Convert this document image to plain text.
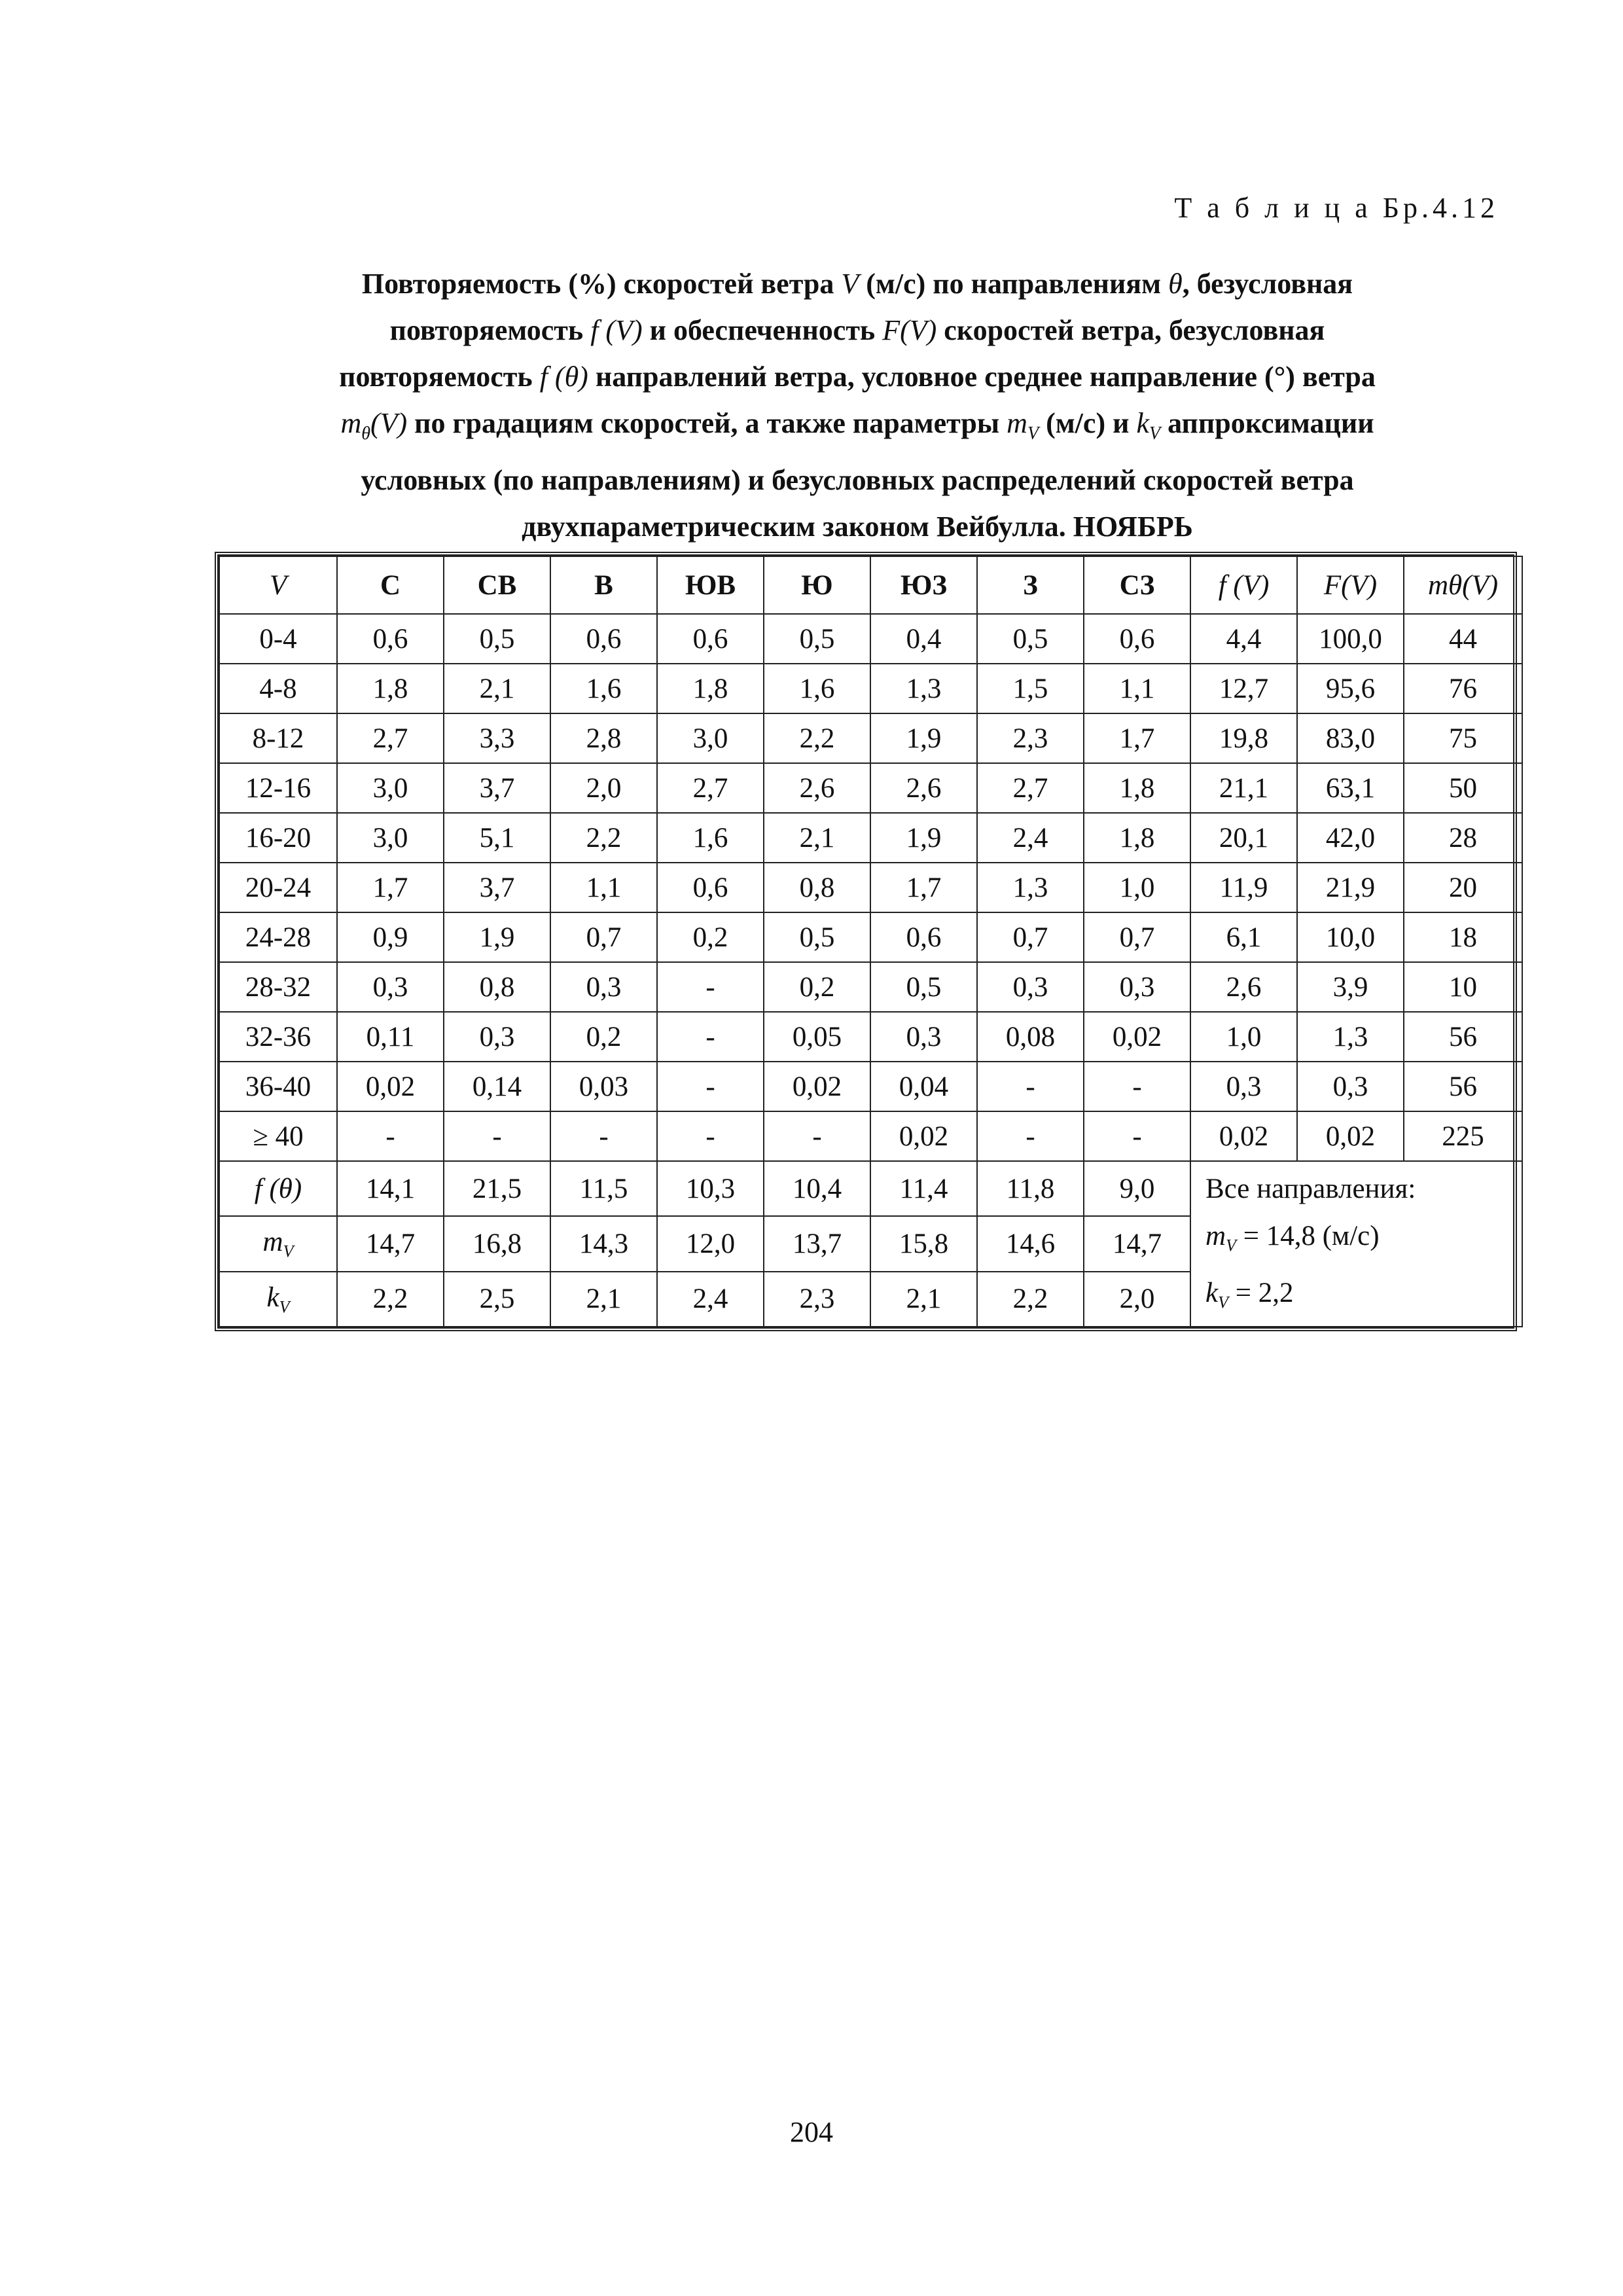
Т а б л и ц а Бр.4.12
Повторяемость (%) скоростей ветра V (м/с) по направлениям θ, безусловная
повторяемость f (V) и обеспеченность F(V) скоростей ветра, безусловная
повторяемость f (θ) направлений ветра, условное среднее направление (°) ветра
$m_\theta(V)$ по градациям скоростей, а также параметры $m_V$ (м/с) и $k_V$ аппроксимации
условных (по направлениям) и безусловных распределений скоростей ветра
двухпараметрическим законом Вейбулла. НОЯБРЬ
V	С	СВ	В	ЮВ	Ю	ЮЗ	З	СЗ	f (V)	F(V)	mθ(V)
0-4	0,6	0,5	0,6	0,6	0,5	0,4	0,5	0,6	4,4	100,0	44
4-8	1,8	2,1	1,6	1,8	1,6	1,3	1,5	1,1	12,7	95,6	76
8-12	2,7	3,3	2,8	3,0	2,2	1,9	2,3	1,7	19,8	83,0	75
12-16	3,0	3,7	2,0	2,7	2,6	2,6	2,7	1,8	21,1	63,1	50
16-20	3,0	5,1	2,2	1,6	2,1	1,9	2,4	1,8	20,1	42,0	28
20-24	1,7	3,7	1,1	0,6	0,8	1,7	1,3	1,0	11,9	21,9	20
24-28	0,9	1,9	0,7	0,2	0,5	0,6	0,7	0,7	6,1	10,0	18
28-32	0,3	0,8	0,3	-	0,2	0,5	0,3	0,3	2,6	3,9	10
32-36	0,11	0,3	0,2	-	0,05	0,3	0,08	0,02	1,0	1,3	56
36-40	0,02	0,14	0,03	-	0,02	0,04	-	-	0,3	0,3	56
≥ 40	-	-	-	-	-	0,02	-	-	0,02	0,02	225
f (θ)	14,1	21,5	11,5	10,3	10,4	11,4	11,8	9,0	Все направления:
$m_V = 14,8$ (м/с)
$k_V = 2,2$		

$m_V$	14,7	16,8	14,3	12,0	13,7	15,8	14,6	14,7			
$k_V$	2,2	2,5	2,1	2,4	2,3	2,1	2,2	2,0			
204
